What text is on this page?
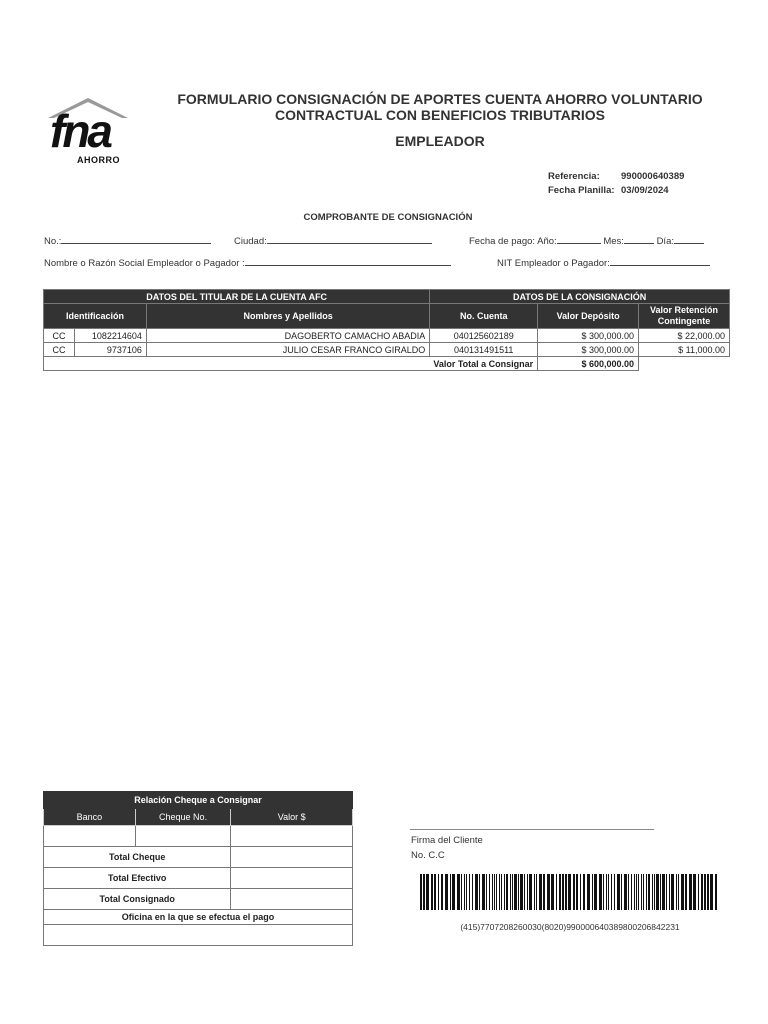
fna
AHORRO
FORMULARIO CONSIGNACIÓN DE APORTES CUENTA AHORRO VOLUNTARIO
CONTRACTUAL CON BENEFICIOS TRIBUTARIOS
EMPLEADOR
Referencia: 990000640389
Fecha Planilla: 03/09/2024
COMPROBANTE DE CONSIGNACIÓN
No.:	Ciudad:	Fecha de pago: Año:	Mes:	Día:
Nombre o Razón Social Empleador o Pagador :	NIT Empleador o Pagador:
DATOS DEL TITULAR DE LA CUENTA AFC			DATOS DE LA CONSIGNACIÓN		
Identificación		Nombres y Apellidos	No. Cuenta	Valor Depósito	Valor Retención Contingente
CC	1082214604	DAGOBERTO CAMACHO ABADIA	040125602189	$ 300,000.00	$ 22,000.00
CC	9737106	JULIO CESAR FRANCO GIRALDO	040131491511	$ 300,000.00	$ 11,000.00
Valor Total a Consignar				$ 600,000.00	
Relación Cheque a Consignar		
Banco	Cheque No.	Valor $

Total Cheque		
Total Efectivo		
Total Consignado		
Oficina en la que se efectua el pago		

Firma del Cliente
No. C.C
(415)7707208260030(8020)990000640389800206842231
